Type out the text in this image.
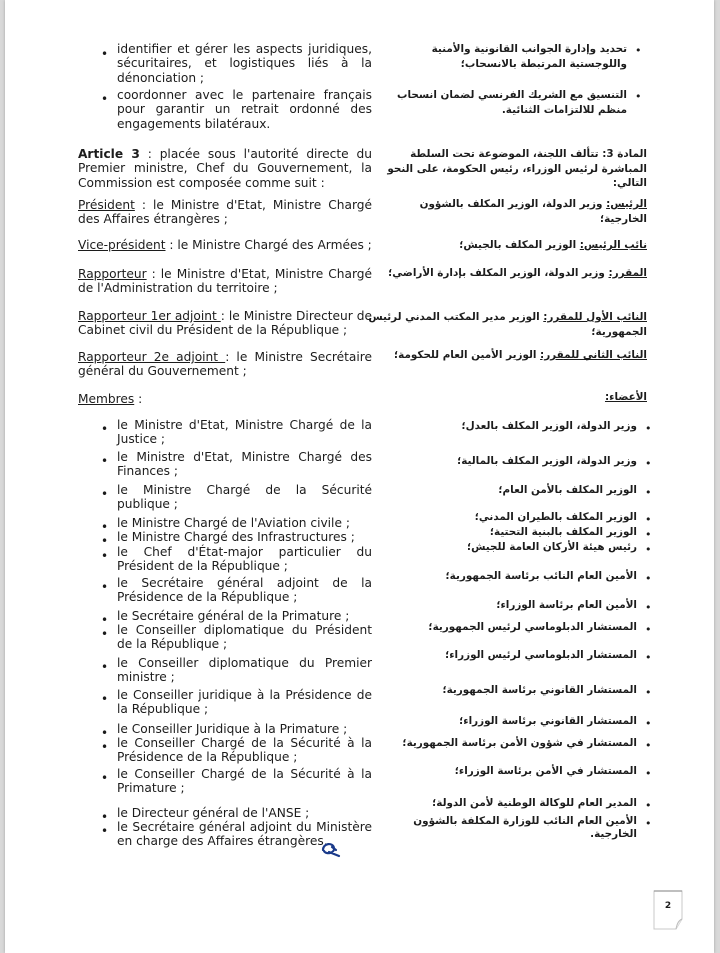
• identifier et gérer les aspects juridiques, sécuritaires, et logistiques liés à la dénonciation ;
• coordonner avec le partenaire français pour garantir un retrait ordonné des engagements bilatéraux.
Article 3 : placée sous l'autorité directe du Premier ministre, Chef du Gouvernement, la Commission est composée comme suit :
Président : le Ministre d'Etat, Ministre Chargé des Affaires étrangères ;
Vice-président : le Ministre Chargé des Armées ;
Rapporteur : le Ministre d'Etat, Ministre Chargé de l'Administration du territoire ;
Rapporteur 1er adjoint : le Ministre Directeur de Cabinet civil du Président de la République ;
Rapporteur 2e adjoint : le Ministre Secrétaire général du Gouvernement ;
Membres :
• le Ministre d'Etat, Ministre Chargé de la Justice ;
• le Ministre d'Etat, Ministre Chargé des Finances ;
• le Ministre Chargé de la Sécurité publique ;
• le Ministre Chargé de l'Aviation civile ;
• le Ministre Chargé des Infrastructures ;
• le Chef d'État-major particulier du Président de la République ;
• le Secrétaire général adjoint de la Présidence de la République ;
• le Secrétaire général de la Primature ;
• le Conseiller diplomatique du Président de la République ;
• le Conseiller diplomatique du Premier ministre ;
• le Conseiller juridique à la Présidence de la République ;
• le Conseiller Juridique à la Primature ;
• le Conseiller Chargé de la Sécurité à la Présidence de la République ;
• le Conseiller Chargé de la Sécurité à la Primature ;
• le Directeur général de l'ANSE ;
• le Secrétaire général adjoint du Ministère en charge des Affaires étrangères.
•
تحديد وإدارة الجوانب القانونية والأمنية واللوجستية المرتبطة بالانسحاب؛
•
التنسيق مع الشريك الفرنسي لضمان انسحاب منظم للالتزامات الثنائية.
المادة 3: تتألف اللجنة، الموضوعة تحت السلطة المباشرة لرئيس الوزراء، رئيس الحكومة، على النحو التالي:
الرئيس: وزير الدولة، الوزير المكلف بالشؤون الخارجية؛
نائب الرئيس: الوزير المكلف بالجيش؛
المقرر: وزير الدولة، الوزير المكلف بإدارة الأراضي؛
النائب الأول للمقرر: الوزير مدير المكتب المدني لرئيس الجمهورية؛
النائب الثاني للمقرر: الوزير الأمين العام للحكومة؛
الأعضاء:
•
وزير الدولة، الوزير المكلف بالعدل؛
•
وزير الدولة، الوزير المكلف بالمالية؛
•
الوزير المكلف بالأمن العام؛
•
الوزير المكلف بالطيران المدني؛
•
الوزير المكلف بالبنية التحتية؛
•
رئيس هيئة الأركان العامة للجيش؛
•
الأمين العام النائب برئاسة الجمهورية؛
•
الأمين العام برئاسة الوزراء؛
•
المستشار الدبلوماسي لرئيس الجمهورية؛
•
المستشار الدبلوماسي لرئيس الوزراء؛
•
المستشار القانوني برئاسة الجمهورية؛
•
المستشار القانوني برئاسة الوزراء؛
•
المستشار في شؤون الأمن برئاسة الجمهورية؛
•
المستشار في الأمن برئاسة الوزراء؛
•
المدير العام للوكالة الوطنية لأمن الدولة؛
•
الأمين العام النائب للوزارة المكلفة بالشؤون الخارجية.
2
